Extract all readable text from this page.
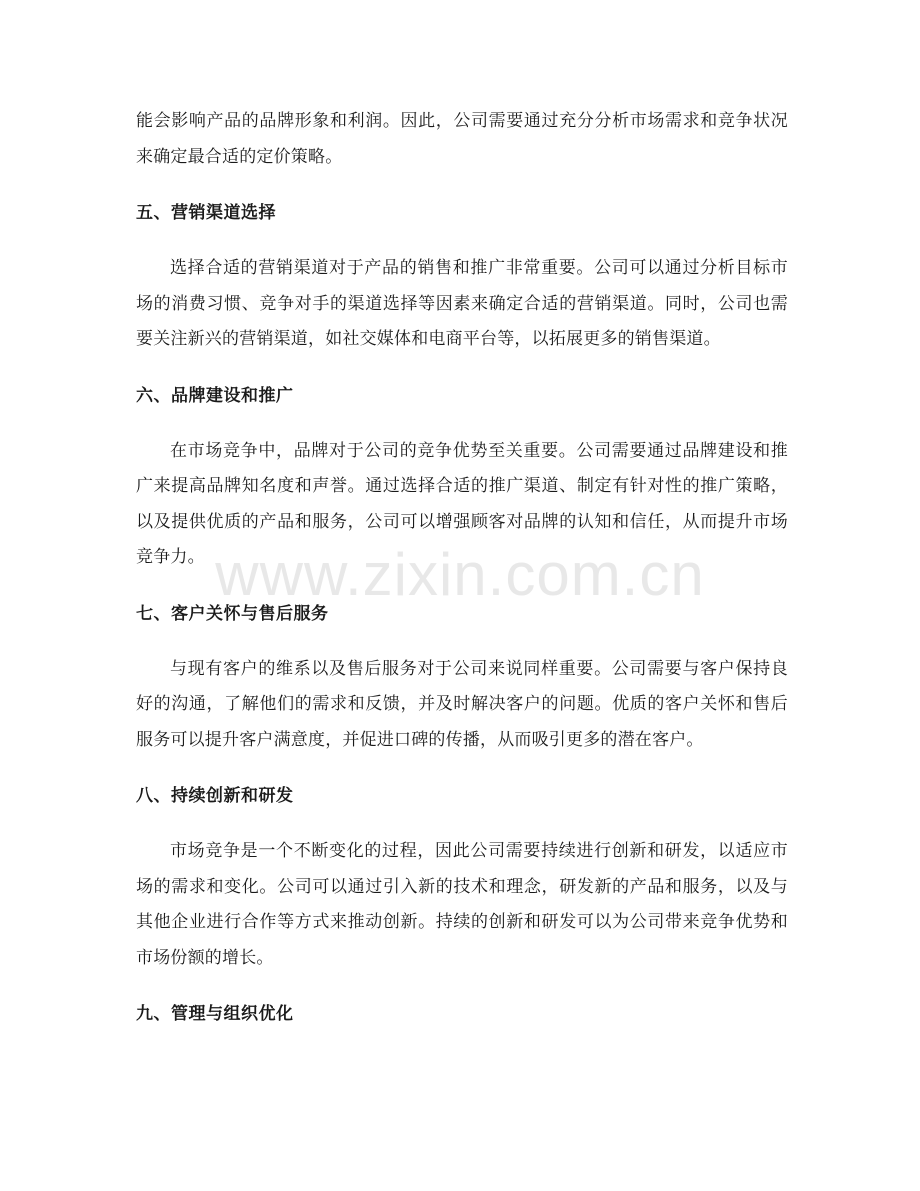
www.zixin.com.cn

能会影响产品的品牌形象和利润。因此，公司需要通过充分分析市场需求和竞争状况来确定最合适的定价策略。

五、营销渠道选择

选择合适的营销渠道对于产品的销售和推广非常重要。公司可以通过分析目标市场的消费习惯、竞争对手的渠道选择等因素来确定合适的营销渠道。同时，公司也需要关注新兴的营销渠道，如社交媒体和电商平台等，以拓展更多的销售渠道。

六、品牌建设和推广

在市场竞争中，品牌对于公司的竞争优势至关重要。公司需要通过品牌建设和推广来提高品牌知名度和声誉。通过选择合适的推广渠道、制定有针对性的推广策略，以及提供优质的产品和服务，公司可以增强顾客对品牌的认知和信任，从而提升市场竞争力。

七、客户关怀与售后服务

与现有客户的维系以及售后服务对于公司来说同样重要。公司需要与客户保持良好的沟通，了解他们的需求和反馈，并及时解决客户的问题。优质的客户关怀和售后服务可以提升客户满意度，并促进口碑的传播，从而吸引更多的潜在客户。

八、持续创新和研发

市场竞争是一个不断变化的过程，因此公司需要持续进行创新和研发，以适应市场的需求和变化。公司可以通过引入新的技术和理念，研发新的产品和服务，以及与其他企业进行合作等方式来推动创新。持续的创新和研发可以为公司带来竞争优势和市场份额的增长。

九、管理与组织优化
